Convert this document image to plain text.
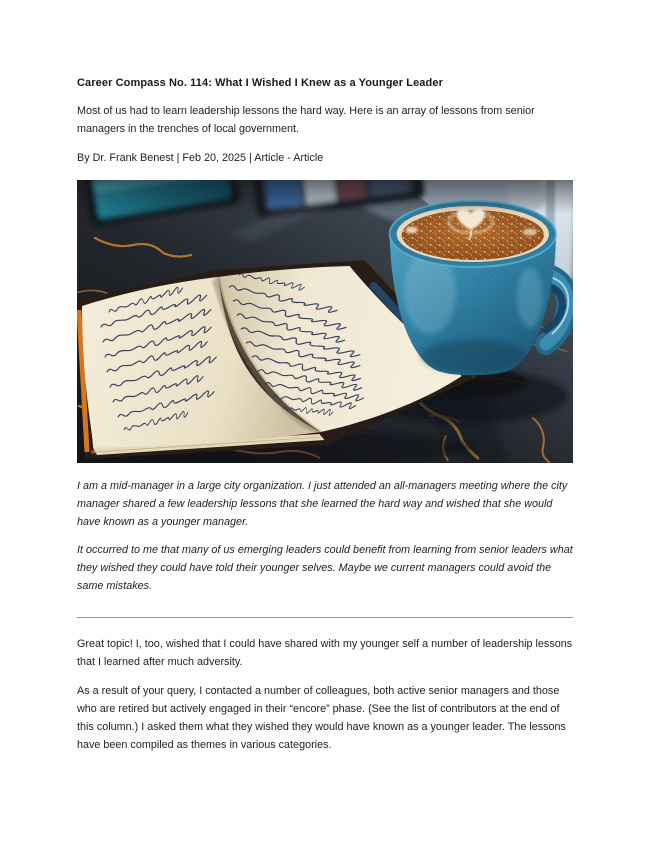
Career Compass No. 114: What I Wished I Knew as a Younger Leader

Most of us had to learn leadership lessons the hard way. Here is an array of lessons from senior managers in the trenches of local government.

By Dr. Frank Benest | Feb 20, 2025 | Article - Article

I am a mid-manager in a large city organization. I just attended an all-managers meeting where the city manager shared a few leadership lessons that she learned the hard way and wished that she would have known as a younger manager.

It occurred to me that many of us emerging leaders could benefit from learning from senior leaders what they wished they could have told their younger selves. Maybe we current managers could avoid the same mistakes.

Great topic! I, too, wished that I could have shared with my younger self a number of leadership lessons that I learned after much adversity.

As a result of your query, I contacted a number of colleagues, both active senior managers and those who are retired but actively engaged in their “encore” phase. (See the list of contributors at the end of this column.) I asked them what they wished they would have known as a younger leader. The lessons have been compiled as themes in various categories.
